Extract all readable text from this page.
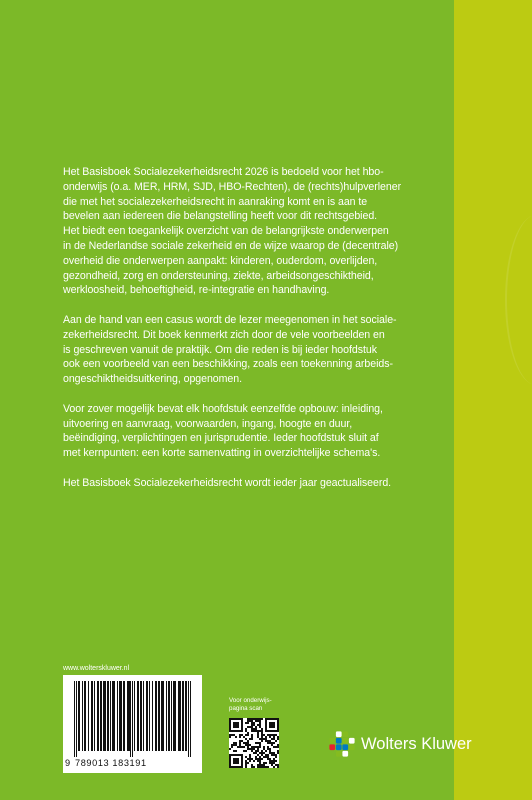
Het Basisboek Socialezekerheidsrecht 2026 is bedoeld voor het hbo-
onderwijs (o.a. MER, HRM, SJD, HBO-Rechten), de (rechts)hulpverlener
die met het socialezekerheidsrecht in aanraking komt en is aan te
bevelen aan iedereen die belangstelling heeft voor dit rechtsgebied.
Het biedt een toegankelijk overzicht van de belangrijkste onderwerpen
in de Nederlandse sociale zekerheid en de wijze waarop de (decentrale)
overheid die onderwerpen aanpakt: kinderen, ouderdom, overlijden,
gezondheid, zorg en ondersteuning, ziekte, arbeidsongeschiktheid,
werkloosheid, behoeftigheid, re-integratie en handhaving.

Aan de hand van een casus wordt de lezer meegenomen in het sociale-
zekerheidsrecht. Dit boek kenmerkt zich door de vele voorbeelden en
is geschreven vanuit de praktijk. Om die reden is bij ieder hoofdstuk
ook een voorbeeld van een beschikking, zoals een toekenning arbeids-
ongeschiktheidsuitkering, opgenomen.

Voor zover mogelijk bevat elk hoofdstuk eenzelfde opbouw: inleiding,
uitvoering en aanvraag, voorwaarden, ingang, hoogte en duur,
beëindiging, verplichtingen en jurisprudentie. Ieder hoofdstuk sluit af
met kernpunten: een korte samenvatting in overzichtelijke schema's.

Het Basisboek Socialezekerheidsrecht wordt ieder jaar geactualiseerd.

www.wolterskluwer.nl
9 789013 183191
Voor onderwijs-
pagina scan
Wolters Kluwer
